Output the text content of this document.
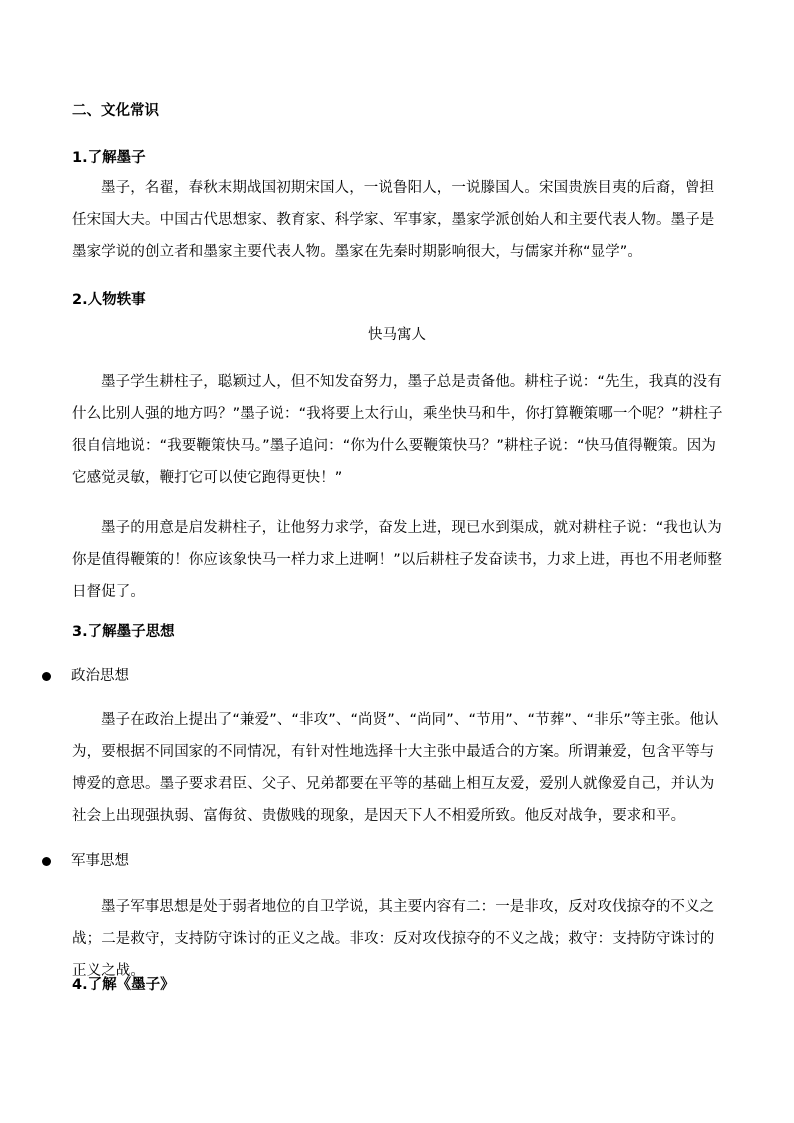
二、文化常识
1.了解墨子
墨子，名翟，春秋末期战国初期宋国人，一说鲁阳人，一说滕国人。宋国贵族目夷的后裔，曾担任宋国大夫。中国古代思想家、教育家、科学家、军事家，墨家学派创始人和主要代表人物。墨子是墨家学说的创立者和墨家主要代表人物。墨家在先秦时期影响很大，与儒家并称“显学”。
2.人物轶事
快马寓人
墨子学生耕柱子，聪颖过人，但不知发奋努力，墨子总是责备他。耕柱子说：“先生，我真的没有什么比别人强的地方吗？”墨子说：“我将要上太行山，乘坐快马和牛，你打算鞭策哪一个呢？”耕柱子很自信地说：“我要鞭策快马。”墨子追问：“你为什么要鞭策快马？”耕柱子说：“快马值得鞭策。因为它感觉灵敏，鞭打它可以使它跑得更快！”
墨子的用意是启发耕柱子，让他努力求学，奋发上进，现已水到渠成，就对耕柱子说：“我也认为你是值得鞭策的！你应该象快马一样力求上进啊！”以后耕柱子发奋读书，力求上进，再也不用老师整日督促了。
3.了解墨子思想
政治思想
墨子在政治上提出了“兼爱”、“非攻”、“尚贤”、“尚同”、“节用”、“节葬”、“非乐”等主张。他认为，要根据不同国家的不同情况，有针对性地选择十大主张中最适合的方案。所谓兼爱，包含平等与博爱的意思。墨子要求君臣、父子、兄弟都要在平等的基础上相互友爱，爱别人就像爱自己，并认为社会上出现强执弱、富侮贫、贵傲贱的现象，是因天下人不相爱所致。他反对战争，要求和平。
军事思想
墨子军事思想是处于弱者地位的自卫学说，其主要内容有二：一是非攻，反对攻伐掠夺的不义之战；二是救守，支持防守诛讨的正义之战。非攻：反对攻伐掠夺的不义之战；救守：支持防守诛讨的正义之战。
4.了解《墨子》
